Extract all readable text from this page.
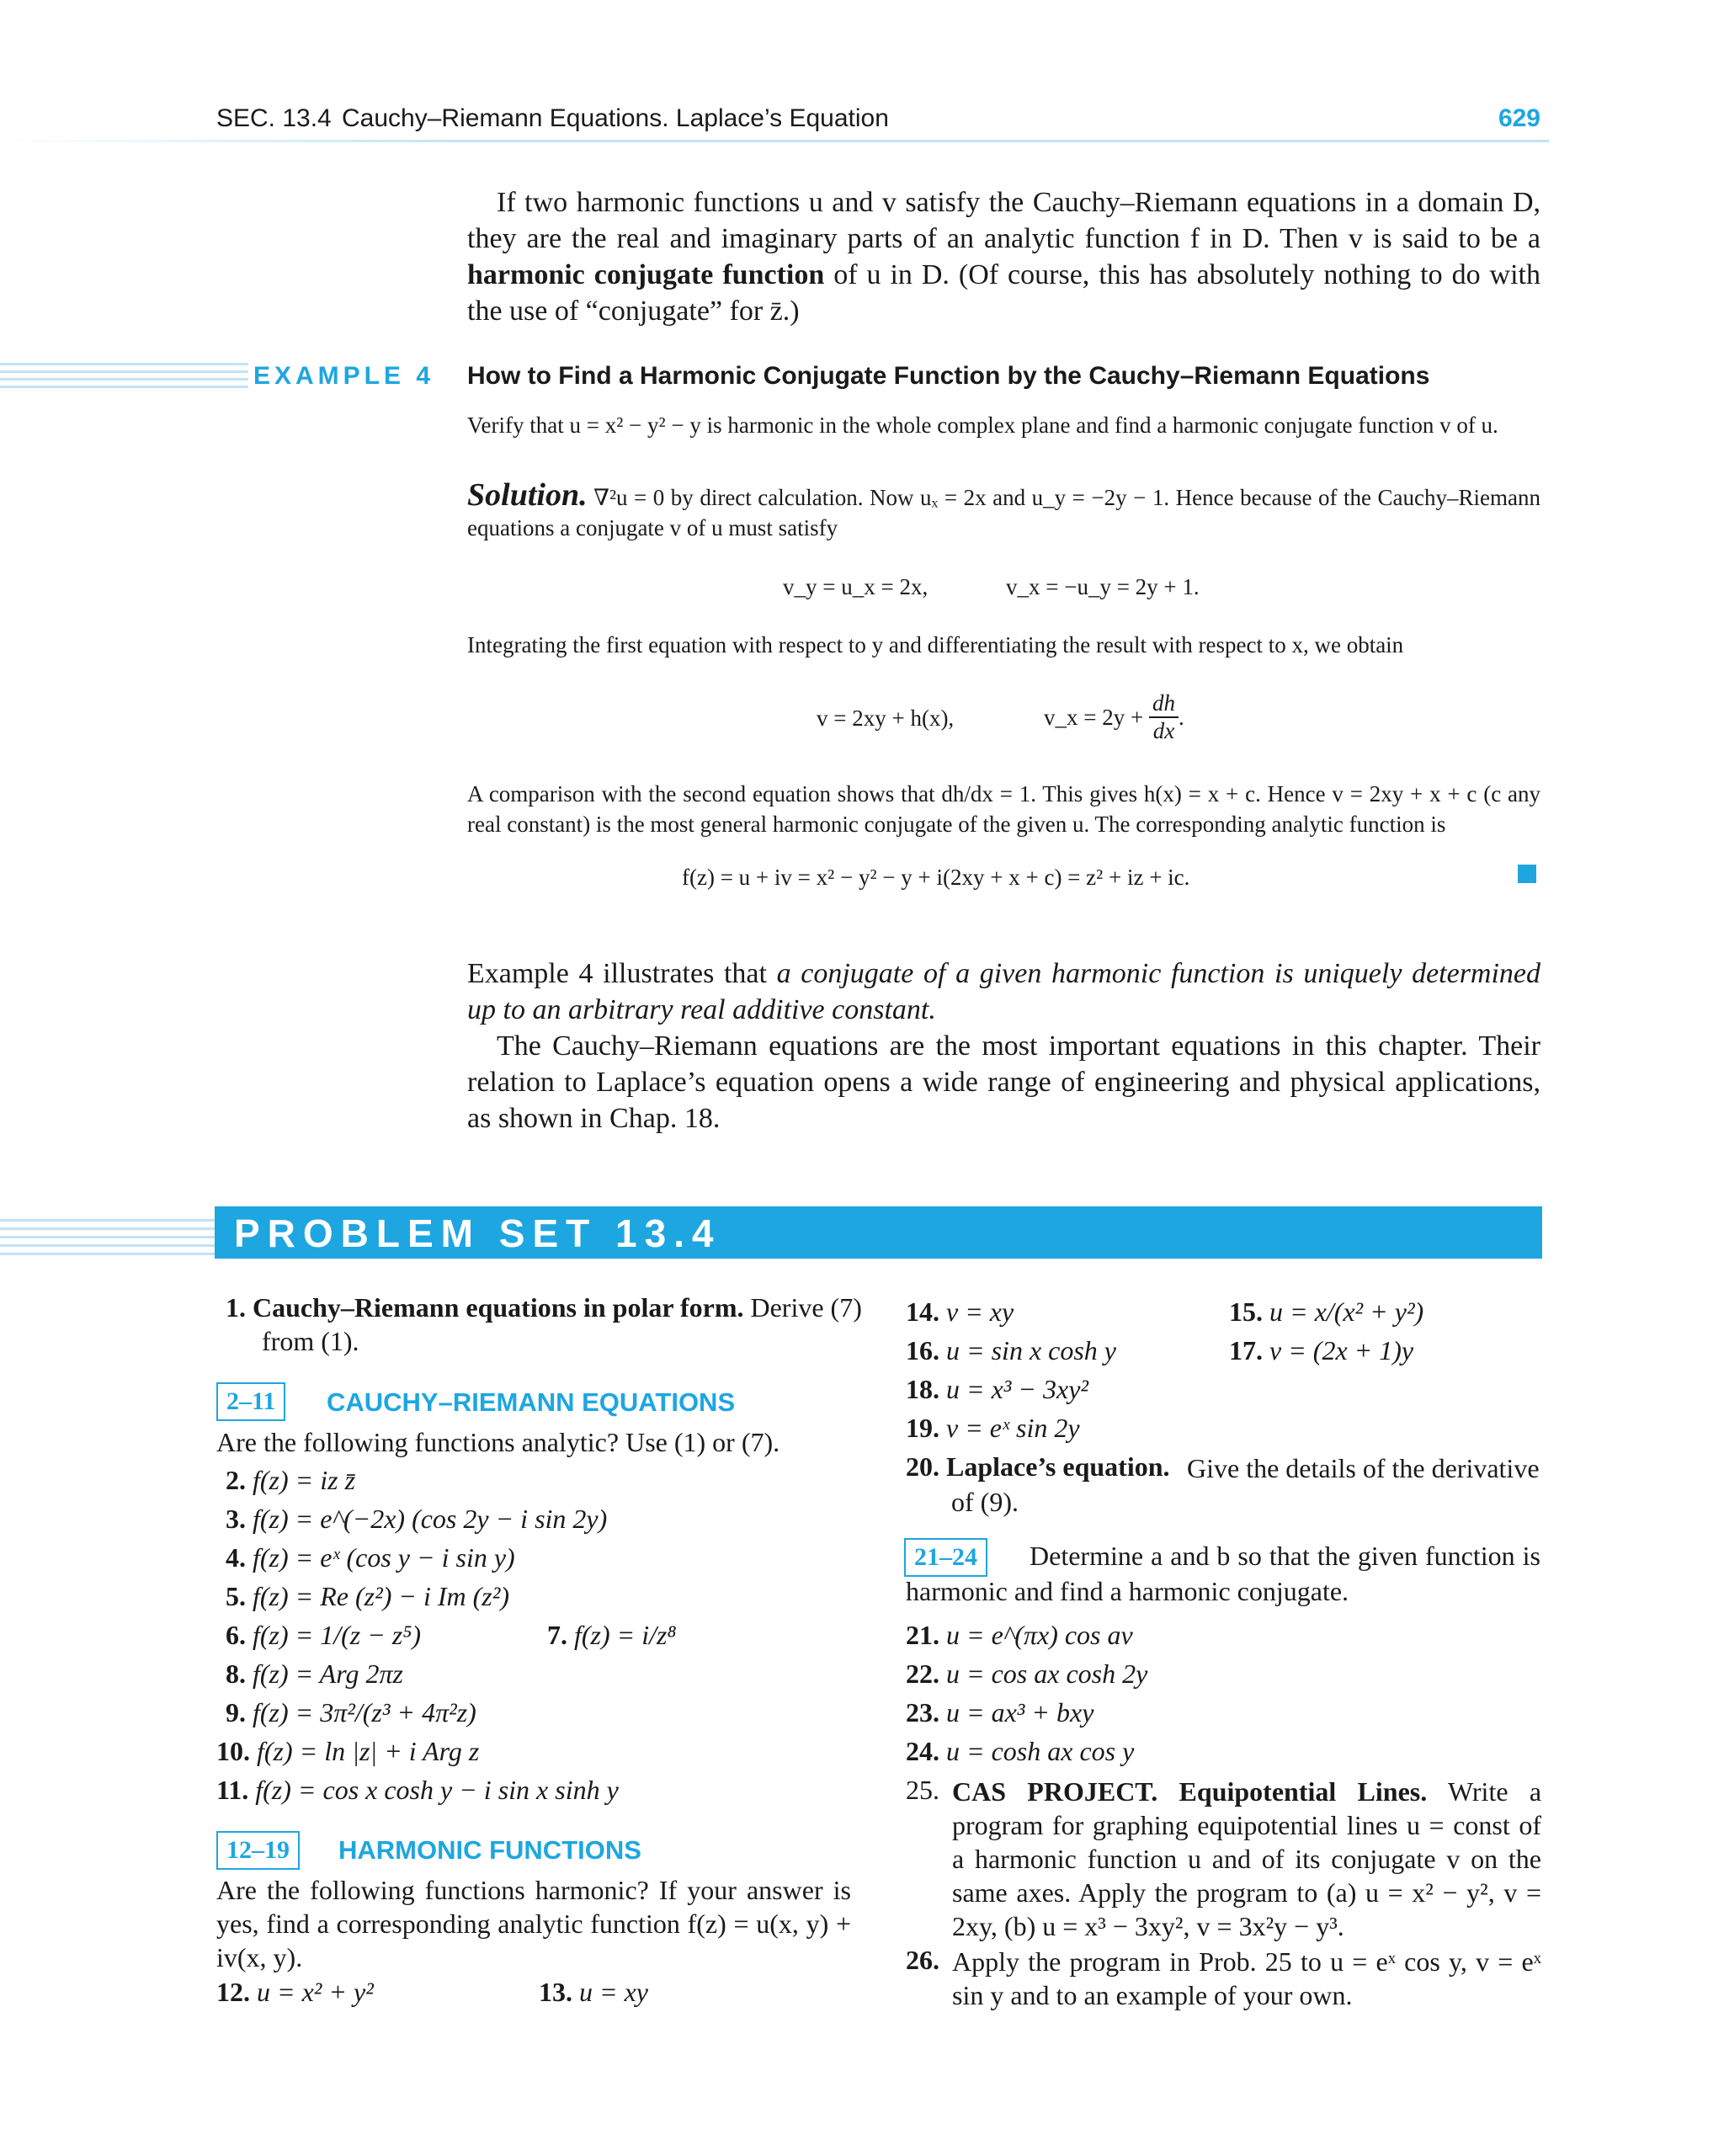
SEC. 13.4 Cauchy–Riemann Equations. Laplace’s Equation	629
If two harmonic functions u and v satisfy the Cauchy–Riemann equations in a domain D, they are the real and imaginary parts of an analytic function f in D. Then v is said to be a harmonic conjugate function of u in D. (Of course, this has absolutely nothing to do with the use of “conjugate” for z̄.)
EXAMPLE 4 How to Find a Harmonic Conjugate Function by the Cauchy–Riemann Equations
Verify that u = x² − y² − y is harmonic in the whole complex plane and find a harmonic conjugate function v of u.
Solution. ∇²u = 0 by direct calculation. Now uₓ = 2x and u_y = −2y − 1. Hence because of the Cauchy–Riemann equations a conjugate v of u must satisfy
v_y = u_x = 2x,	v_x = −u_y = 2y + 1.
Integrating the first equation with respect to y and differentiating the result with respect to x, we obtain
v = 2xy + h(x),	v_x = 2y +
$\frac{dh}{dx}$ .
A comparison with the second equation shows that dh/dx = 1. This gives h(x) = x + c. Hence v = 2xy + x + c (c any real constant) is the most general harmonic conjugate of the given u. The corresponding analytic function is
f(z) = u + iv = x² − y² − y + i(2xy + x + c) = z² + iz + ic.
Example 4 illustrates that a conjugate of a given harmonic function is uniquely determined up to an arbitrary real additive constant.
The Cauchy–Riemann equations are the most important equations in this chapter. Their relation to Laplace’s equation opens a wide range of engineering and physical applications, as shown in Chap. 18.
PROBLEM SET 13.4
1. Cauchy–Riemann equations in polar form. Derive (7)
from (1).
2–11	CAUCHY–RIEMANN EQUATIONS
Are the following functions analytic? Use (1) or (7).
2. f(z) = iz z̄
3. f(z) = e^(−2x) (cos 2y − i sin 2y)
4. f(z) = eˣ (cos y − i sin y)
5. f(z) = Re (z²) − i Im (z²)
6. f(z) = 1/(z − z⁵)	7. f(z) = i/z⁸
8. f(z) = Arg 2πz
9. f(z) = 3π²/(z³ + 4π²z)
10. f(z) = ln |z| + i Arg z
11. f(z) = cos x cosh y − i sin x sinh y
12–19	HARMONIC FUNCTIONS
Are the following functions harmonic? If your answer is yes, find a corresponding analytic function f(z) = u(x, y) + iv(x, y).
12. u = x² + y²	13. u = xy
14. v = xy	15. u = x/(x² + y²)
16. u = sin x cosh y	17. v = (2x + 1)y
18. u = x³ − 3xy²
19. v = eˣ sin 2y
20. Laplace’s equation. Give the details of the derivative of (9).
21–24	Determine a and b so that the given function is harmonic and find a harmonic conjugate.
21. u = e^(πx) cos av
22. u = cos ax cosh 2y
23. u = ax³ + bxy
24. u = cosh ax cos y
25. CAS PROJECT. Equipotential Lines. Write a program for graphing equipotential lines u = const of a harmonic function u and of its conjugate v on the same axes. Apply the program to (a) u = x² − y², v = 2xy, (b) u = x³ − 3xy², v = 3x²y − y³.
26. Apply the program in Prob. 25 to u = eˣ cos y, v = eˣ sin y and to an example of your own.
